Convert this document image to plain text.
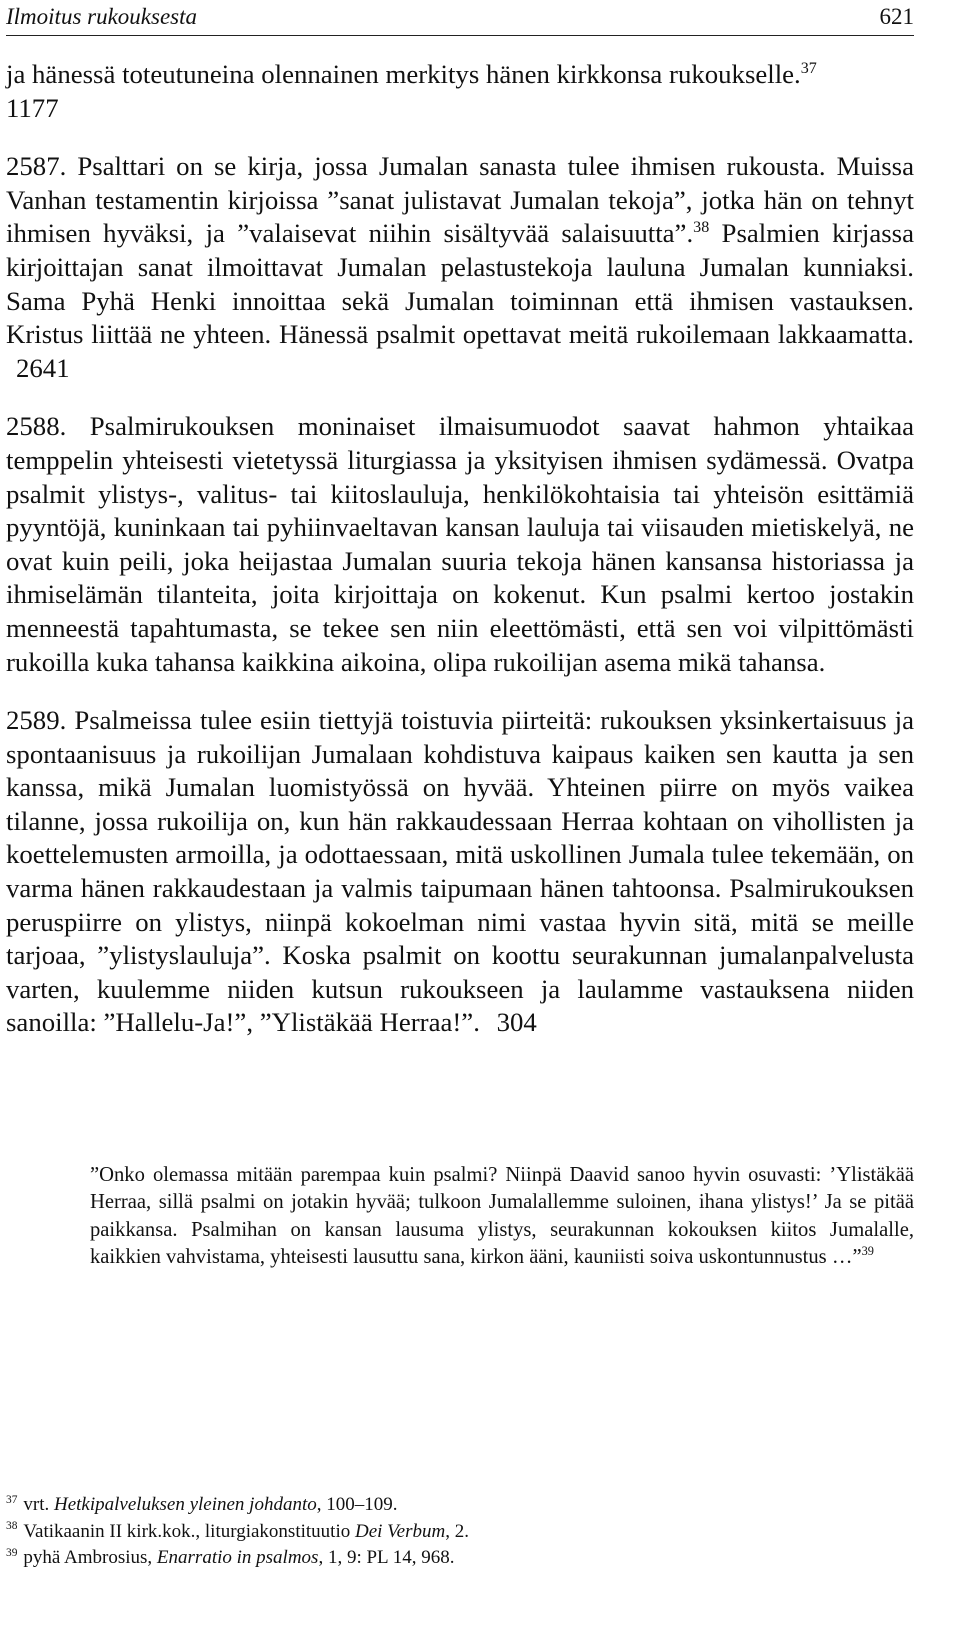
Ilmoitus rukouksesta	621

ja hänessä toteutuneina olennainen merkitys hänen kirkkonsa rukoukselle.$^{37}$
1177

2587. Psalttari on se kirja, jossa Jumalan sanasta tulee ihmisen rukousta. Muissa Vanhan testamentin kirjoissa ”sanat julistavat Jumalan tekoja”, jotka hän on tehnyt ihmisen hyväksi, ja ”valaisevat niihin sisältyvää salaisuutta”.$^{38}$ Psalmien kirjassa kirjoittajan sanat ilmoittavat Jumalan pelastustekoja lauluna Jumalan kunniaksi. Sama Pyhä Henki innoittaa sekä Jumalan toiminnan että ihmisen vastauksen. Kristus liittää ne yhteen. Hänessä psalmit opettavat meitä rukoilemaan lakkaamatta. 2641

2588. Psalmirukouksen moninaiset ilmaisumuodot saavat hahmon yhtaikaa temppelin yhteisesti vietetyssä liturgiassa ja yksityisen ihmisen sydämessä. Ovatpa psalmit ylistys-, valitus- tai kiitoslauluja, henkilökohtaisia tai yhteisön esittämiä pyyntöjä, kuninkaan tai pyhiinvaeltavan kansan lauluja tai viisauden mietiskelyä, ne ovat kuin peili, joka heijastaa Jumalan suuria tekoja hänen kansansa historiassa ja ihmiselämän tilanteita, joita kirjoittaja on kokenut. Kun psalmi kertoo jostakin menneestä tapahtumasta, se tekee sen niin eleettömästi, että sen voi vilpittömästi rukoilla kuka tahansa kaikkina aikoina, olipa rukoilijan asema mikä tahansa.

2589. Psalmeissa tulee esiin tiettyjä toistuvia piirteitä: rukouksen yksinkertaisuus ja spontaanisuus ja rukoilijan Jumalaan kohdistuva kaipaus kaiken sen kautta ja sen kanssa, mikä Jumalan luomistyössä on hyvää. Yhteinen piirre on myös vaikea tilanne, jossa rukoilija on, kun hän rakkaudessaan Herraa kohtaan on vihollisten ja koettelemusten armoilla, ja odottaessaan, mitä uskollinen Jumala tulee tekemään, on varma hänen rakkaudestaan ja valmis taipumaan hänen tahtoonsa. Psalmirukouksen peruspiirre on ylistys, niinpä kokoelman nimi vastaa hyvin sitä, mitä se meille tarjoaa, ”ylistyslauluja”. Koska psalmit on koottu seurakunnan jumalanpalvelusta varten, kuulemme niiden kutsun rukoukseen ja laulamme vastauksena niiden sanoilla: ”Hallelu-Ja!”, ”Ylistäkää Herraa!”. 304

”Onko olemassa mitään parempaa kuin psalmi? Niinpä Daavid sanoo hyvin osuvasti: ’Ylistäkää Herraa, sillä psalmi on jotakin hyvää; tulkoon Jumalallemme suloinen, ihana ylistys!’ Ja se pitää paikkansa. Psalmihan on kansan lausuma ylistys, seurakunnan kokouksen kiitos Jumalalle, kaikkien vahvistama, yhteisesti lausuttu sana, kirkon ääni, kauniisti soiva uskontunnustus …”$^{39}$

$^{37}$ vrt. Hetkipalveluksen yleinen johdanto, 100–109.

$^{38}$ Vatikaanin II kirk.kok., liturgiakonstituutio Dei Verbum, 2.

$^{39}$ pyhä Ambrosius, Enarratio in psalmos, 1, 9: PL 14, 968.
